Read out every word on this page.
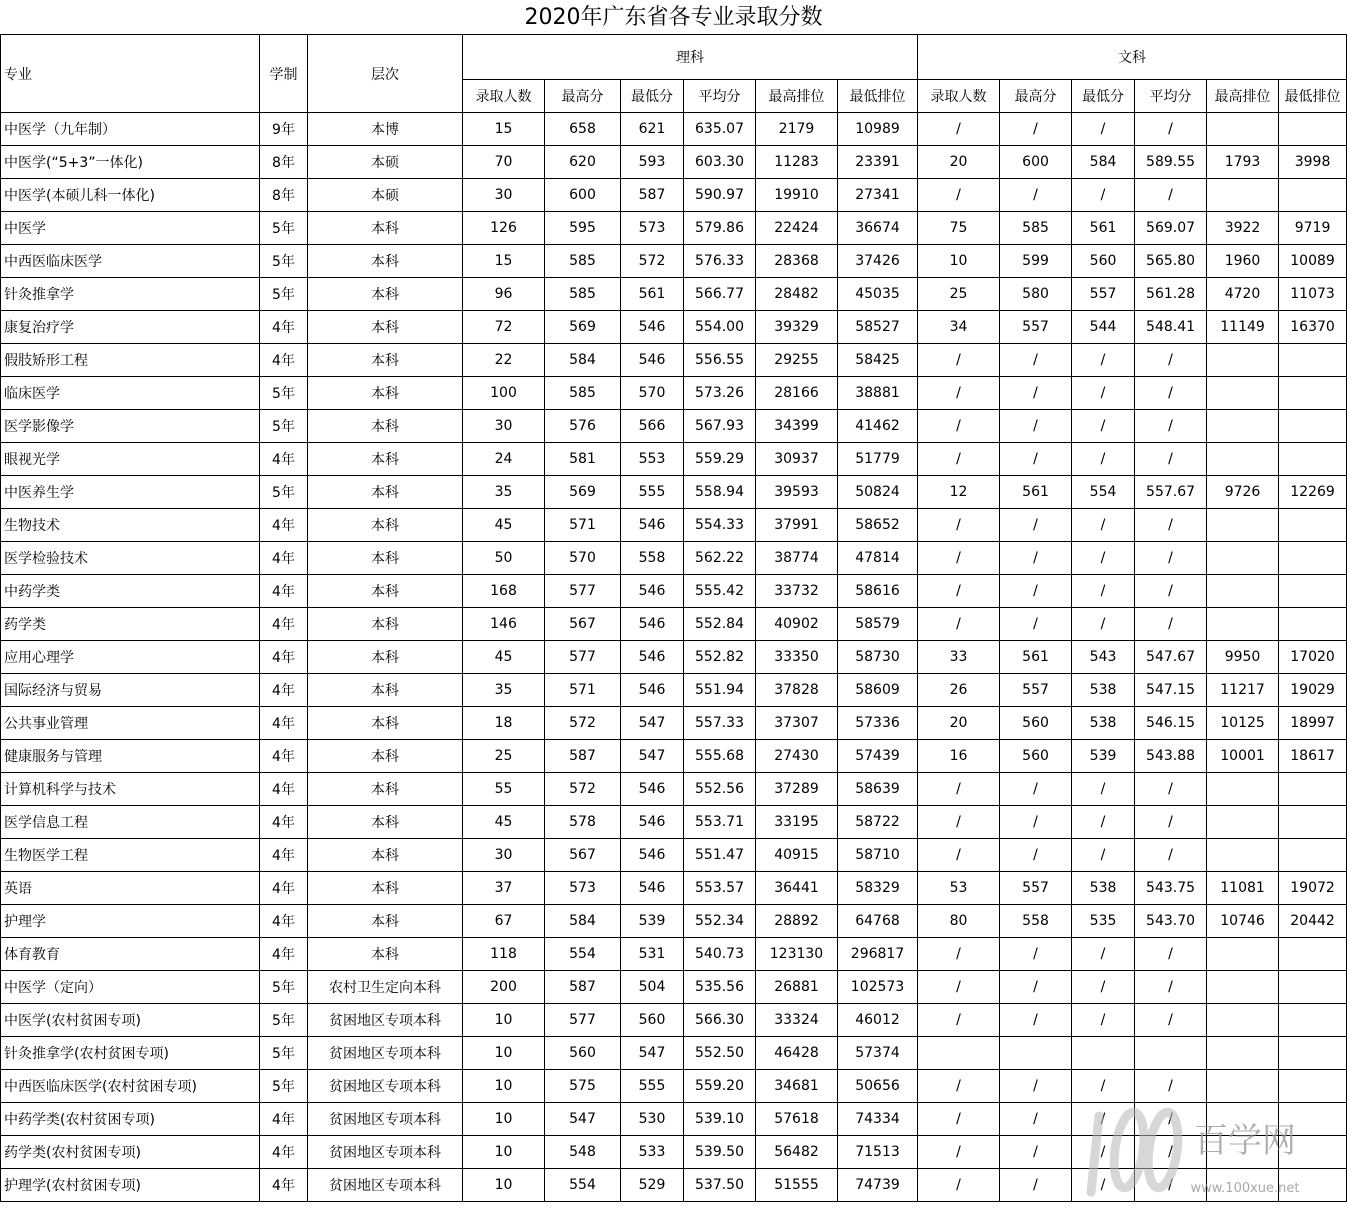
2020年广东省各专业录取分数
专业	学制	层次	理科						文科					
			录取人数	最高分	最低分	平均分	最高排位	最低排位	录取人数	最高分	最低分	平均分	最高排位	最低排位
中医学（九年制）	9年	本博	15	658	621	635.07	2179	10989	/	/	/	/		
中医学(“5+3”一体化)	8年	本硕	70	620	593	603.30	11283	23391	20	600	584	589.55	1793	3998
中医学(本硕儿科一体化)	8年	本硕	30	600	587	590.97	19910	27341	/	/	/	/		
中医学	5年	本科	126	595	573	579.86	22424	36674	75	585	561	569.07	3922	9719
中西医临床医学	5年	本科	15	585	572	576.33	28368	37426	10	599	560	565.80	1960	10089
针灸推拿学	5年	本科	96	585	561	566.77	28482	45035	25	580	557	561.28	4720	11073
康复治疗学	4年	本科	72	569	546	554.00	39329	58527	34	557	544	548.41	11149	16370
假肢矫形工程	4年	本科	22	584	546	556.55	29255	58425	/	/	/	/		
临床医学	5年	本科	100	585	570	573.26	28166	38881	/	/	/	/		
医学影像学	5年	本科	30	576	566	567.93	34399	41462	/	/	/	/		
眼视光学	4年	本科	24	581	553	559.29	30937	51779	/	/	/	/		
中医养生学	5年	本科	35	569	555	558.94	39593	50824	12	561	554	557.67	9726	12269
生物技术	4年	本科	45	571	546	554.33	37991	58652	/	/	/	/		
医学检验技术	4年	本科	50	570	558	562.22	38774	47814	/	/	/	/		
中药学类	4年	本科	168	577	546	555.42	33732	58616	/	/	/	/		
药学类	4年	本科	146	567	546	552.84	40902	58579	/	/	/	/		
应用心理学	4年	本科	45	577	546	552.82	33350	58730	33	561	543	547.67	9950	17020
国际经济与贸易	4年	本科	35	571	546	551.94	37828	58609	26	557	538	547.15	11217	19029
公共事业管理	4年	本科	18	572	547	557.33	37307	57336	20	560	538	546.15	10125	18997
健康服务与管理	4年	本科	25	587	547	555.68	27430	57439	16	560	539	543.88	10001	18617
计算机科学与技术	4年	本科	55	572	546	552.56	37289	58639	/	/	/	/		
医学信息工程	4年	本科	45	578	546	553.71	33195	58722	/	/	/	/		
生物医学工程	4年	本科	30	567	546	551.47	40915	58710	/	/	/	/		
英语	4年	本科	37	573	546	553.57	36441	58329	53	557	538	543.75	11081	19072
护理学	4年	本科	67	584	539	552.34	28892	64768	80	558	535	543.70	10746	20442
体育教育	4年	本科	118	554	531	540.73	123130	296817	/	/	/	/		
中医学（定向）	5年	农村卫生定向本科	200	587	504	535.56	26881	102573	/	/	/	/		
中医学(农村贫困专项)	5年	贫困地区专项本科	10	577	560	566.30	33324	46012	/	/	/	/		
针灸推拿学(农村贫困专项)	5年	贫困地区专项本科	10	560	547	552.50	46428	57374						
中西医临床医学(农村贫困专项)	5年	贫困地区专项本科	10	575	555	559.20	34681	50656	/	/	/	/		
中药学类(农村贫困专项)	4年	贫困地区专项本科	10	547	530	539.10	57618	74334	/	/	/	/		
药学类(农村贫困专项)	4年	贫困地区专项本科	10	548	533	539.50	56482	71513	/	/	/	/		
护理学(农村贫困专项)	4年	贫困地区专项本科	10	554	529	537.50	51555	74739	/	/	/	/		
百学网
www.100xue.net
100
